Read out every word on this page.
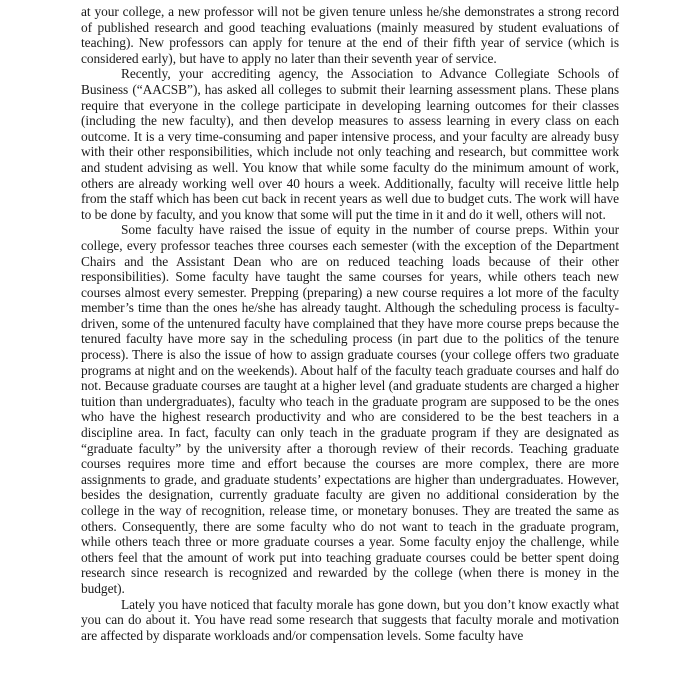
at your college, a new professor will not be given tenure unless he/she demonstrates a strong record of published research and good teaching evaluations (mainly measured by student evaluations of teaching). New professors can apply for tenure at the end of their fifth year of service (which is considered early), but have to apply no later than their seventh year of service.

Recently, your accrediting agency, the Association to Advance Collegiate Schools of Business (“AACSB”), has asked all colleges to submit their learning assessment plans. These plans require that everyone in the college participate in developing learning outcomes for their classes (including the new faculty), and then develop measures to assess learning in every class on each outcome. It is a very time-consuming and paper intensive process, and your faculty are already busy with their other responsibilities, which include not only teaching and research, but committee work and student advising as well. You know that while some faculty do the minimum amount of work, others are already working well over 40 hours a week. Additionally, faculty will receive little help from the staff which has been cut back in recent years as well due to budget cuts. The work will have to be done by faculty, and you know that some will put the time in it and do it well, others will not.

Some faculty have raised the issue of equity in the number of course preps. Within your college, every professor teaches three courses each semester (with the exception of the Department Chairs and the Assistant Dean who are on reduced teaching loads because of their other responsibilities). Some faculty have taught the same courses for years, while others teach new courses almost every semester. Prepping (preparing) a new course requires a lot more of the faculty member’s time than the ones he/she has already taught. Although the scheduling process is faculty-driven, some of the untenured faculty have complained that they have more course preps because the tenured faculty have more say in the scheduling process (in part due to the politics of the tenure process). There is also the issue of how to assign graduate courses (your college offers two graduate programs at night and on the weekends). About half of the faculty teach graduate courses and half do not. Because graduate courses are taught at a higher level (and graduate students are charged a higher tuition than undergraduates), faculty who teach in the graduate program are supposed to be the ones who have the highest research productivity and who are considered to be the best teachers in a discipline area. In fact, faculty can only teach in the graduate program if they are designated as “graduate faculty” by the university after a thorough review of their records. Teaching graduate courses requires more time and effort because the courses are more complex, there are more assignments to grade, and graduate students’ expectations are higher than undergraduates. However, besides the designation, currently graduate faculty are given no additional consideration by the college in the way of recognition, release time, or monetary bonuses. They are treated the same as others. Consequently, there are some faculty who do not want to teach in the graduate program, while others teach three or more graduate courses a year. Some faculty enjoy the challenge, while others feel that the amount of work put into teaching graduate courses could be better spent doing research since research is recognized and rewarded by the college (when there is money in the budget).

Lately you have noticed that faculty morale has gone down, but you don’t know exactly what you can do about it. You have read some research that suggests that faculty morale and motivation are affected by disparate workloads and/or compensation levels. Some faculty have
